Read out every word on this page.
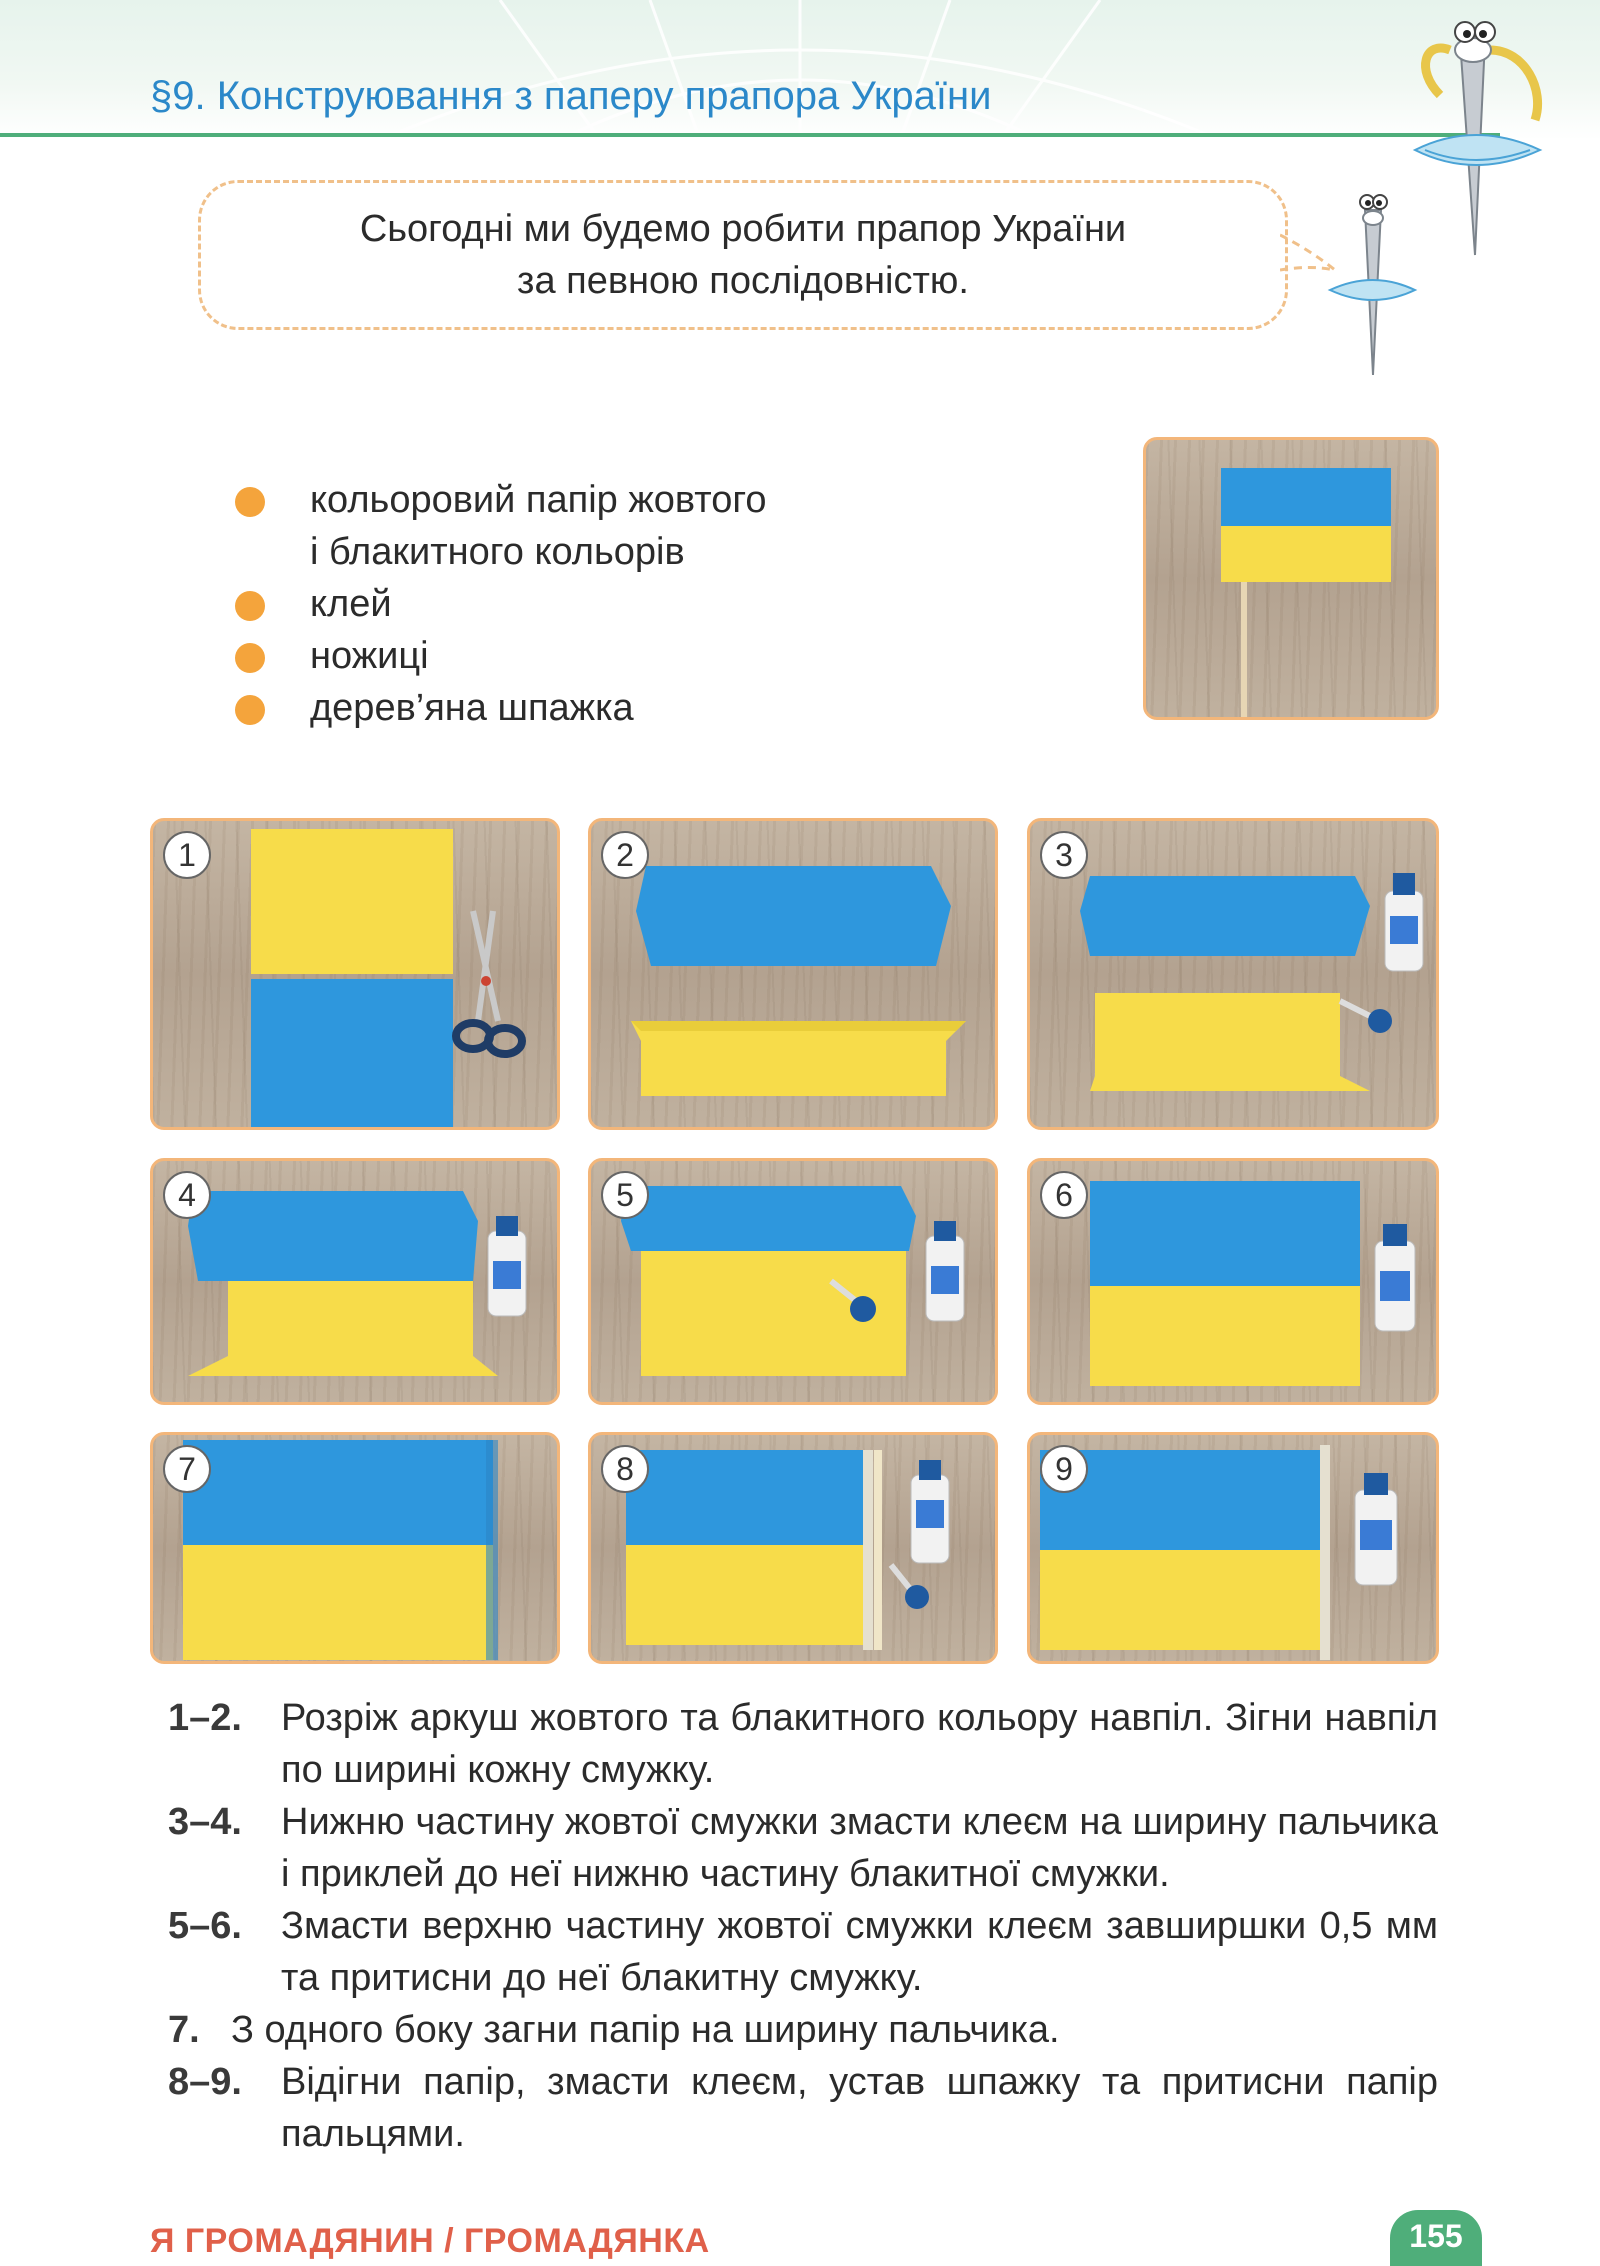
§9. Конструювання з паперу прапора України
Сьогодні ми будемо робити прапор України
за певною послідовністю.
кольоровий папір жовтого
і блакитного кольорів
клей
ножиці
дерев’яна шпажка
1	2	3
4	5	6
7	8	9
1–2.	Розріж аркуш жовтого та блакитного кольору навпіл. Зігни навпіл по ширині кожну смужку.
3–4.	Нижню частину жовтої смужки змасти клеєм на ширину пальчика і приклей до неї нижню частину блакитної смужки.
5–6.	Змасти верхню частину жовтої смужки клеєм завширшки 0,5 мм та притисни до неї блакитну смужку.
7. З одного боку загни папір на ширину пальчика.
8–9.	Відігни папір, змасти клеєм, устав шпажку та притисни папір пальцями.
Я ГРОМАДЯНИН / ГРОМАДЯНКА	155
